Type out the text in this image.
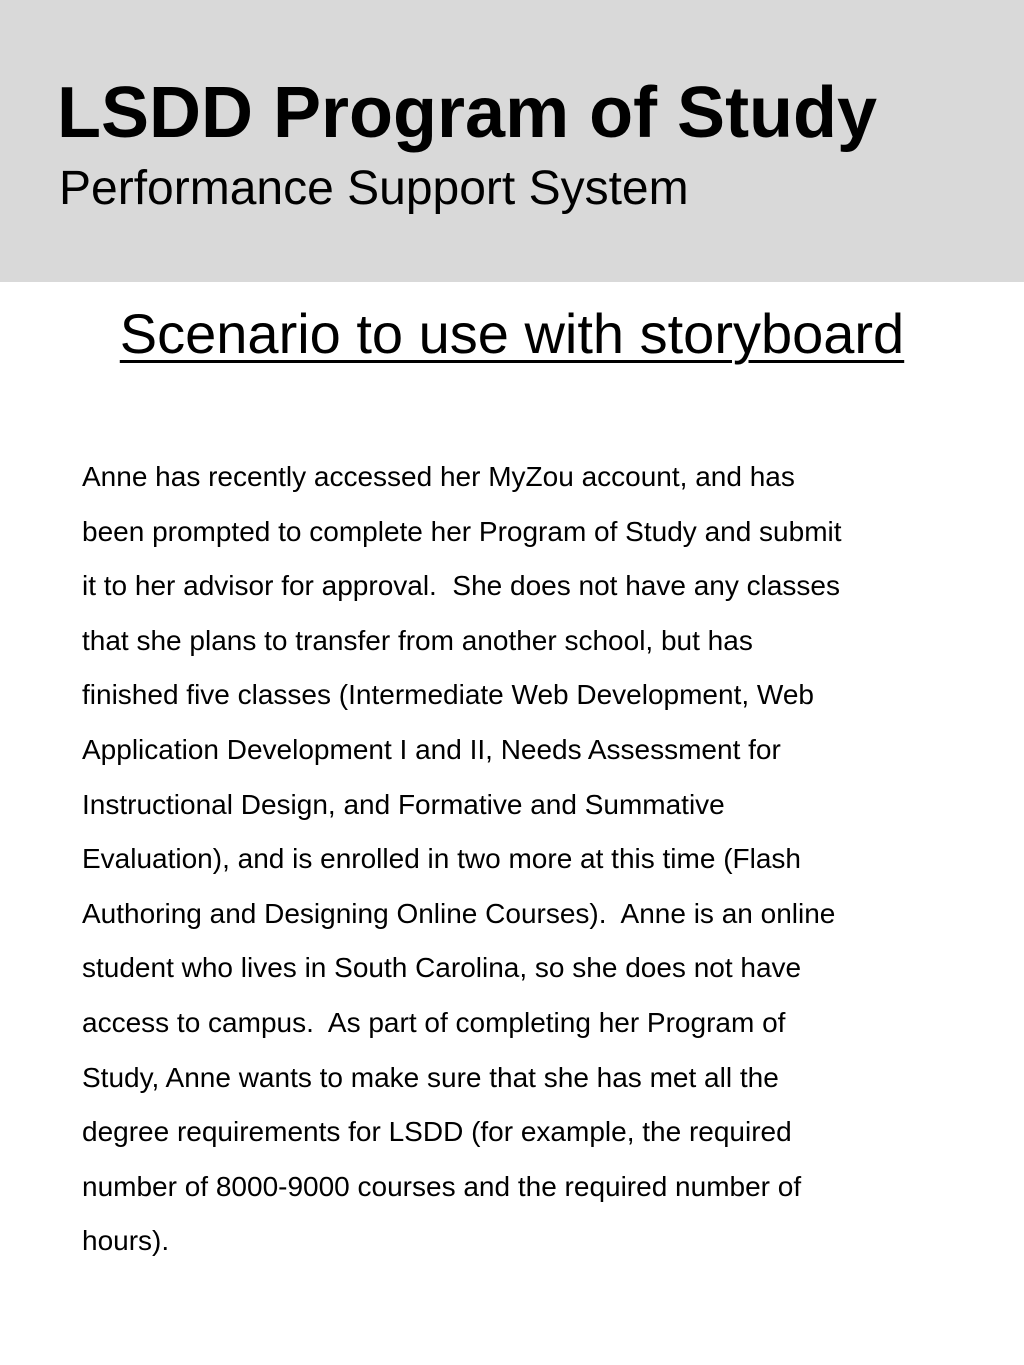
LSDD Program of Study
Performance Support System
Scenario to use with storyboard
Anne has recently accessed her MyZou account, and has
been prompted to complete her Program of Study and submit
it to her advisor for approval.  She does not have any classes
that she plans to transfer from another school, but has
finished five classes (Intermediate Web Development, Web
Application Development I and II, Needs Assessment for
Instructional Design, and Formative and Summative
Evaluation), and is enrolled in two more at this time (Flash
Authoring and Designing Online Courses).  Anne is an online
student who lives in South Carolina, so she does not have
access to campus.  As part of completing her Program of
Study, Anne wants to make sure that she has met all the
degree requirements for LSDD (for example, the required
number of 8000-9000 courses and the required number of
hours).
